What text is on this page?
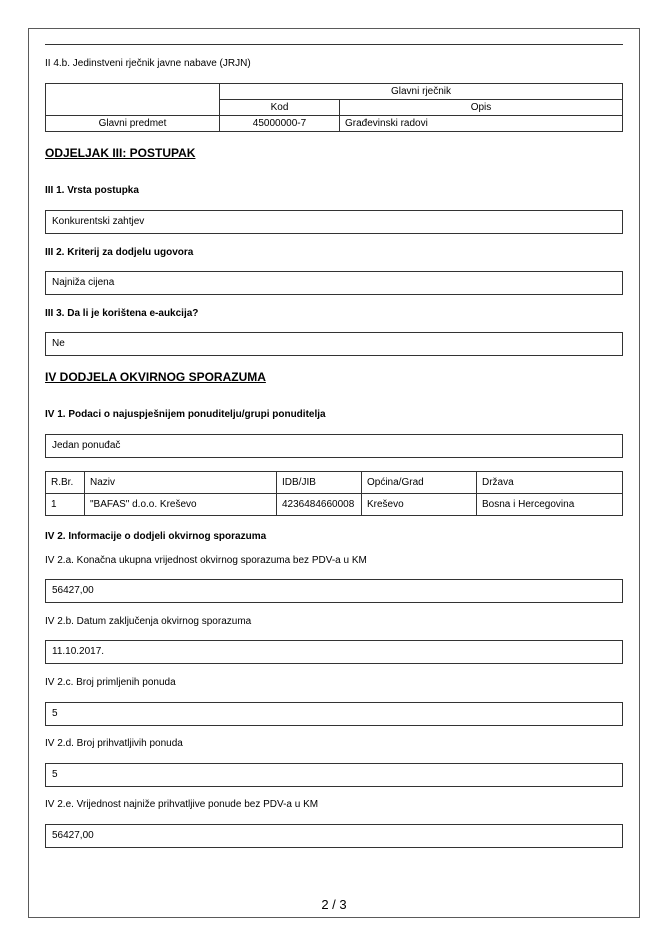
II 4.b. Jedinstveni rječnik javne nabave (JRJN)
	Glavni rječnik	
	Kod	Opis
Glavni predmet	45000000-7	Građevinski radovi
ODJELJAK III: POSTUPAK
III 1. Vrsta postupka
Konkurentski zahtjev
III 2. Kriterij za dodjelu ugovora
Najniža cijena
III 3. Da li je korištena e-aukcija?
Ne
IV DODJELA OKVIRNOG SPORAZUMA
IV 1. Podaci o najuspješnijem ponuditelju/grupi ponuditelja
Jedan ponuđač
R.Br.	Naziv	IDB/JIB	Općina/Grad	Država
1	"BAFAS" d.o.o. Kreševo	4236484660008	Kreševo	Bosna i Hercegovina
IV 2. Informacije o dodjeli okvirnog sporazuma
IV 2.a. Konačna ukupna vrijednost okvirnog sporazuma bez PDV-a u KM
56427,00
IV 2.b. Datum zaključenja okvirnog sporazuma
11.10.2017.
IV 2.c. Broj primljenih ponuda
5
IV 2.d. Broj prihvatljivih ponuda
5
IV 2.e. Vrijednost najniže prihvatljive ponude bez PDV-a u KM
56427,00
2 / 3
